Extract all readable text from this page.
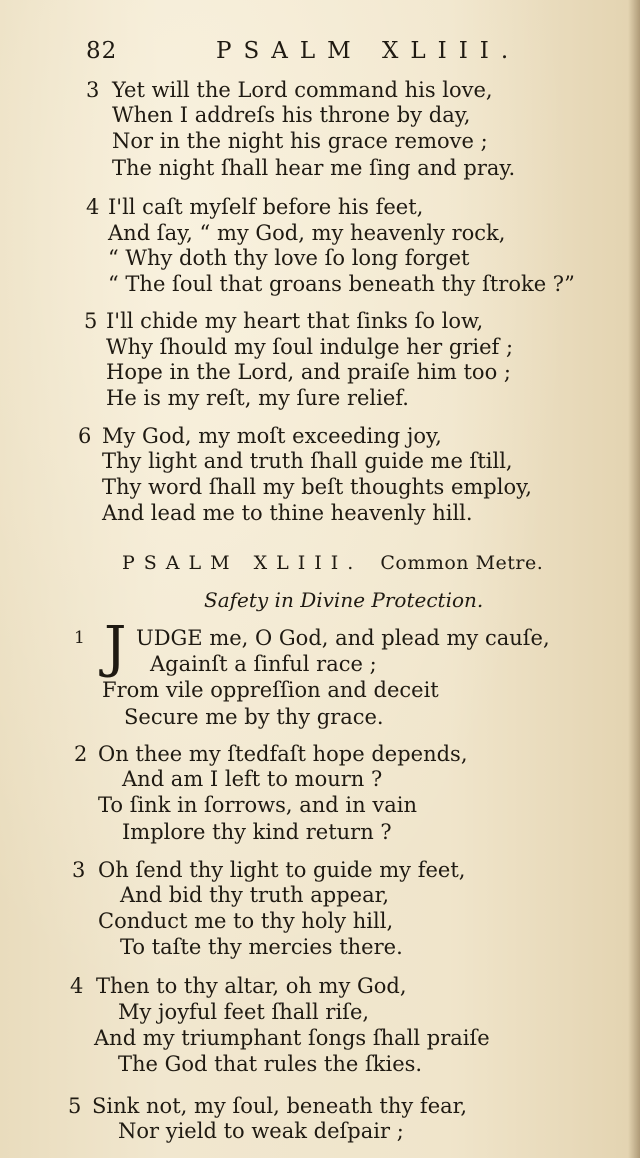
82	PSALM XLIII.
3 Yet will the Lord command his love,
When I addreſs his throne by day,
Nor in the night his grace remove ;
The night ſhall hear me ſing and pray.
4 I'll caſt myſelf before his feet,
And ſay, “ my God, my heavenly rock,
“ Why doth thy love ſo long forget
“ The ſoul that groans beneath thy ſtroke ?”
5 I'll chide my heart that ſinks ſo low,
Why ſhould my ſoul indulge her grief ;
Hope in the Lord, and praiſe him too ;
He is my reſt, my ſure relief.
6 My God, my moſt exceeding joy,
Thy light and truth ſhall guide me ſtill,
Thy word ſhall my beſt thoughts employ,
And lead me to thine heavenly hill.
PSALM XLIII. Common Metre.
Safety in Divine Protection.
1 J UDGE me, O God, and plead my cauſe,
Againſt a ſinful race ;
From vile oppreſſion and deceit
Secure me by thy grace.
2 On thee my ſtedfaſt hope depends,
And am I left to mourn ?
To ſink in ſorrows, and in vain
Implore thy kind return ?
3 Oh ſend thy light to guide my feet,
And bid thy truth appear,
Conduct me to thy holy hill,
To taſte thy mercies there.
4 Then to thy altar, oh my God,
My joyful feet ſhall riſe,
And my triumphant ſongs ſhall praiſe
The God that rules the ſkies.
5 Sink not, my ſoul, beneath thy fear,
Nor yield to weak deſpair ;
